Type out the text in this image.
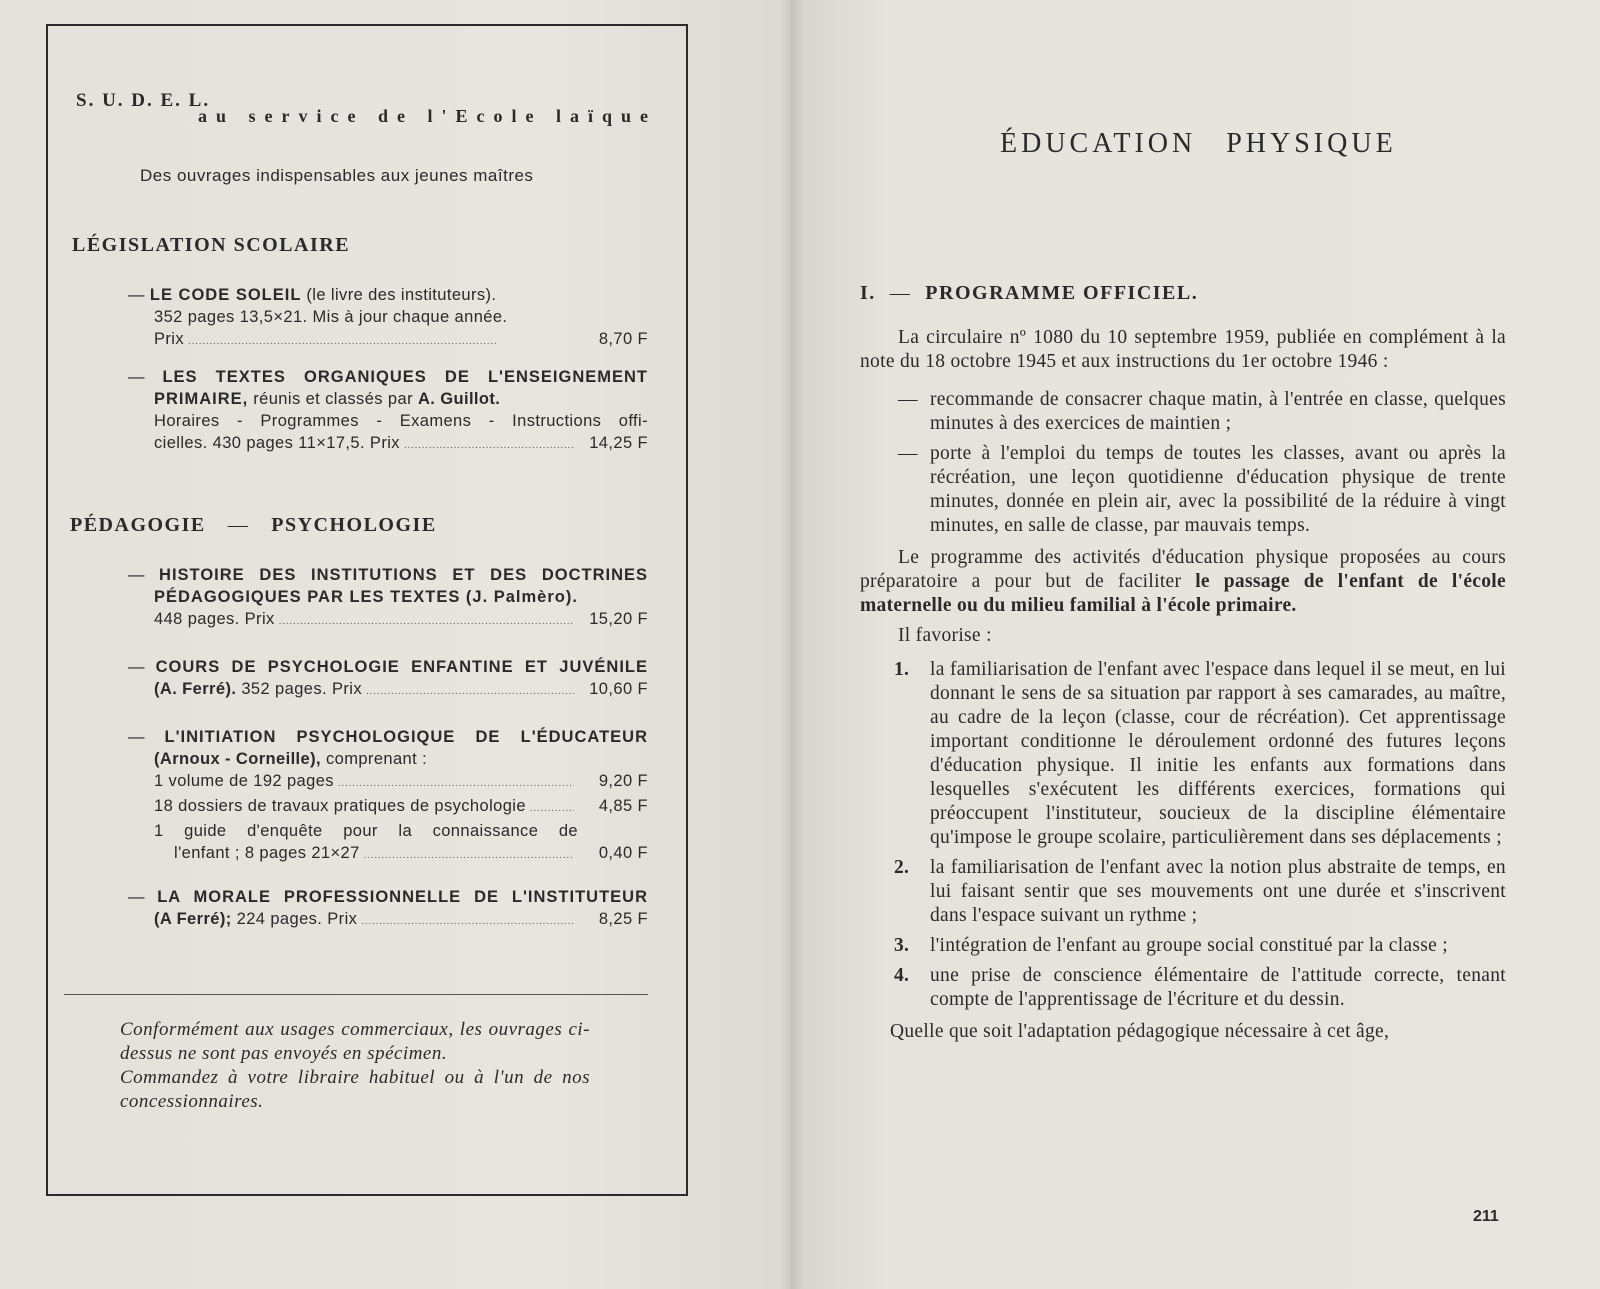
S. U. D. E. L.
au service de l'Ecole laïque
Des ouvrages indispensables aux jeunes maîtres
LÉGISLATION SCOLAIRE
— LE CODE SOLEIL (le livre des instituteurs).
352 pages 13,5×21. Mis à jour chaque année.
Prix . . .	8,70 F
— LES TEXTES ORGANIQUES DE L'ENSEIGNEMENT
PRIMAIRE, réunis et classés par A. Guillot.
Horaires - Programmes - Examens - Instructions offi-
cielles. 430 pages 11×17,5. Prix . . .	14,25 F
PÉDAGOGIE — PSYCHOLOGIE
— HISTOIRE DES INSTITUTIONS ET DES DOCTRINES
PÉDAGOGIQUES PAR LES TEXTES (J. Palmèro).
448 pages. Prix . . .	15,20 F
— COURS DE PSYCHOLOGIE ENFANTINE ET JUVÉNILE
(A. Ferré). 352 pages. Prix . . .	10,60 F
— L'INITIATION PSYCHOLOGIQUE DE L'ÉDUCATEUR
(Arnoux - Corneille), comprenant :
1 volume de 192 pages . . .	9,20 F
18 dossiers de travaux pratiques de psychologie . . .	4,85 F
1 guide d'enquête pour la connaissance de
l'enfant ; 8 pages 21×27 . . .	0,40 F
— LA MORALE PROFESSIONNELLE DE L'INSTITUTEUR
(A Ferré); 224 pages. Prix . . .	8,25 F

Conformément aux usages commerciaux, les ouvrages ci-dessus ne sont pas envoyés en spécimen.

Commandez à votre libraire habituel ou à l'un de nos concessionnaires.

ÉDUCATION PHYSIQUE
I. — PROGRAMME OFFICIEL.

La circulaire nº 1080 du 10 septembre 1959, publiée en complément à la note du 18 octobre 1945 et aux instructions du 1er octobre 1946 :

— recommande de consacrer chaque matin, à l'entrée en classe, quelques minutes à des exercices de maintien ;
— porte à l'emploi du temps de toutes les classes, avant ou après la récréation, une leçon quotidienne d'éducation physique de trente minutes, donnée en plein air, avec la possibilité de la réduire à vingt minutes, en salle de classe, par mauvais temps.

Le programme des activités d'éducation physique proposées au cours préparatoire a pour but de faciliter le passage de l'enfant de l'école maternelle ou du milieu familial à l'école primaire.

Il favorise :

1. la familiarisation de l'enfant avec l'espace dans lequel il se meut, en lui donnant le sens de sa situation par rapport à ses camarades, au maître, au cadre de la leçon (classe, cour de récréation). Cet apprentissage important conditionne le déroulement ordonné des futures leçons d'éducation physique. Il initie les enfants aux formations dans lesquelles s'exécutent les différents exercices, formations qui préoccupent l'instituteur, soucieux de la discipline élémentaire qu'impose le groupe scolaire, particulièrement dans ses déplacements ;
2. la familiarisation de l'enfant avec la notion plus abstraite de temps, en lui faisant sentir que ses mouvements ont une durée et s'inscrivent dans l'espace suivant un rythme ;
3. l'intégration de l'enfant au groupe social constitué par la classe ;
4. une prise de conscience élémentaire de l'attitude correcte, tenant compte de l'apprentissage de l'écriture et du dessin.

Quelle que soit l'adaptation pédagogique nécessaire à cet âge,

211
